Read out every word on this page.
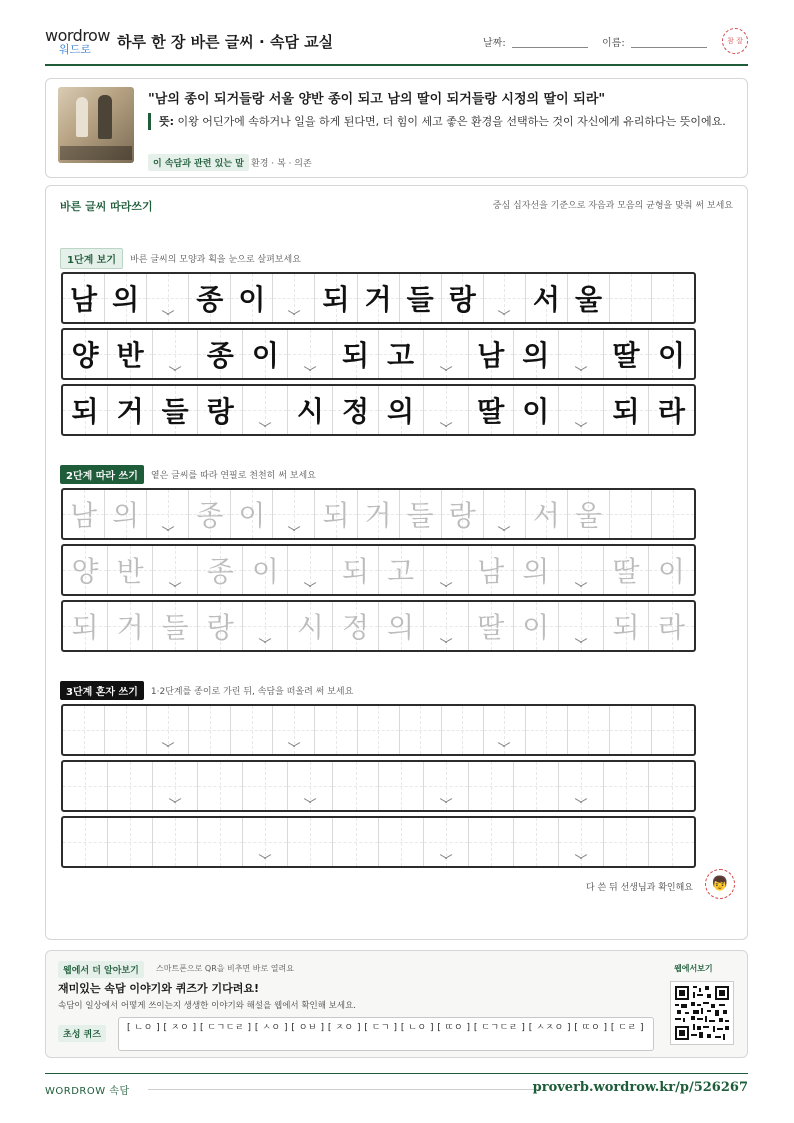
wordrow
워드로	하루 한 장 바른 글씨 · 속담 교실	날짜:	이름:	참 잘
"남의 종이 되거들랑 서울 양반 종이 되고 남의 딸이 되거들랑 시정의 딸이 되라"
뜻: 이왕 어딘가에 속하거나 일을 하게 된다면, 더 힘이 세고 좋은 환경을 선택하는 것이 자신에게 유리하다는 뜻이에요.
이 속담과 관련 있는 말 환경 · 복 · 의존
바른 글씨 따라쓰기	중심 십자선을 기준으로 자음과 모음의 균형을 맞춰 써 보세요
1단계 보기	바른 글씨의 모양과 획을 눈으로 살펴보세요
남 의 종 이 되 거 들 랑 서 울
양 반 종 이 되 고 남 의 딸 이
되 거 들 랑 시 정 의 딸 이 되 라
2단계 따라 쓰기	옅은 글씨를 따라 연필로 천천히 써 보세요
남 의 종 이 되 거 들 랑 서 울
양 반 종 이 되 고 남 의 딸 이
되 거 들 랑 시 정 의 딸 이 되 라
3단계 혼자 쓰기	1·2단계를 종이로 가린 뒤, 속담을 떠올려 써 보세요
다 쓴 뒤 선생님과 확인해요	👦
웹에서 더 알아보기	스마트폰으로 QR을 비추면 바로 열려요
재미있는 속담 이야기와 퀴즈가 기다려요!
속담이 일상에서 어떻게 쓰이는지 생생한 이야기와 해설을 웹에서 확인해 보세요.
초성 퀴즈
[ ㄴㅇ ] [ ㅈㅇ ] [ ㄷㄱㄷㄹ ] [ ㅅㅇ ] [ ㅇㅂ ] [ ㅈㅇ ] [ ㄷㄱ ] [ ㄴㅇ ] [ ㄸㅇ ] [ ㄷㄱㄷㄹ ] [ ㅅㅈㅇ ] [ ㄸㅇ ] [ ㄷㄹ ]
웹에서보기
WORDROW 속담	proverb.wordrow.kr/p/526267
